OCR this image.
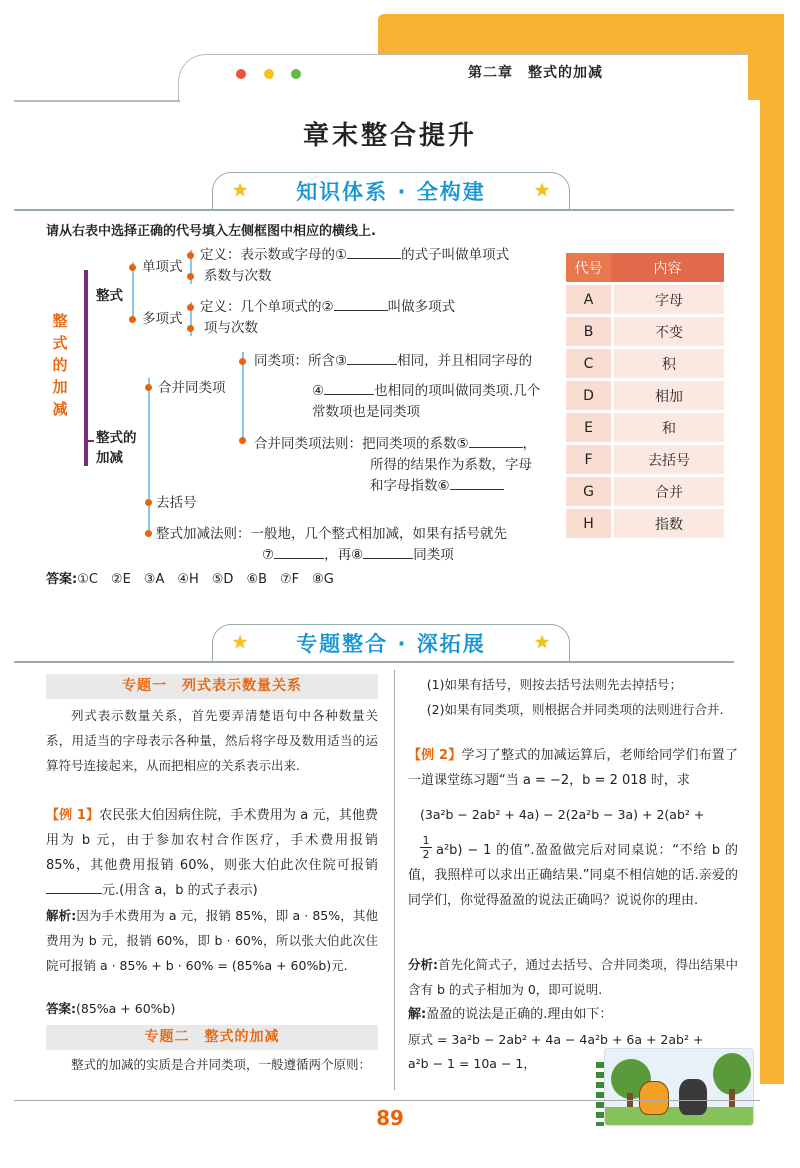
第二章　 整式的加减
章末整合提升
★	★
知识体系 · 全构建
请从右表中选择正确的代号填入左侧框图中相应的横线上.
整
式
的
加
减
整式
单项式
多项式
定义：表示数或字母的①	的式子叫做单项式
系数与次数
定义：几个单项式的②	叫做多项式
项与次数
整式的
加减
合并同类项
去括号
同类项：所含③	相同，并且相同字母的
④	也相同的项叫做同类项.几个
常数项也是同类项
合并同类项法则：把同类项的系数⑤	，
所得的结果作为系数，字母
和字母指数⑥
整式加减法则：一般地，几个整式相加减，如果有括号就先
⑦	，再⑧	同类项
代号	内容
A	字母
B	不变
C	积
D	相加
E	和
F	去括号
G	合并
H	指数
答案:①C　②E　③A　④H　⑤D　⑥B　⑦F　⑧G
★	★
专题整合 · 深拓展
专题一　列式表示数量关系
列式表示数量关系，首先要弄清楚语句中各种数量关系，用适当的字母表示各种量，然后将字母及数用适当的运算符号连接起来，从而把相应的关系表示出来.
【例 1】农民张大伯因病住院，手术费用为 a 元，其他费用为 b 元，由于参加农村合作医疗，手术费用报销 85%，其他费用报销 60%，则张大伯此次住院可报销元.(用含 a，b 的式子表示)
解析:因为手术费用为 a 元，报销 85%，即 a · 85%，其他费用为 b 元，报销 60%，即 b · 60%，所以张大伯此次住院可报销 a · 85% + b · 60% = (85%a + 60%b)元.
答案:(85%a + 60%b)
专题二　整式的加减
整式的加减的实质是合并同类项，一般遵循两个原则：
(1)如果有括号，则按去括号法则先去掉括号；
(2)如果有同类项，则根据合并同类项的法则进行合并.
【例 2】学习了整式的加减运算后，老师给同学们布置了一道课堂练习题“当 a = −2，b = 2 018 时，求
(3a²b − 2ab² + 4a) − 2(2a²b − 3a) + 2(ab² +
$\frac{1}{2} a^2b) - 1$ 的值”.盈盈做完后对同桌说：“不给 b 的值，我照样可以求出正确结果.”同桌不相信她的话.亲爱的同学们，你觉得盈盈的说法正确吗？说说你的理由.
分析:首先化简式子，通过去括号、合并同类项，得出结果中含有 b 的式子相加为 0，即可说明.
解:盈盈的说法是正确的.理由如下：
原式 = 3a²b − 2ab² + 4a − 4a²b + 6a + 2ab² +
a²b − 1 = 10a − 1，
89
